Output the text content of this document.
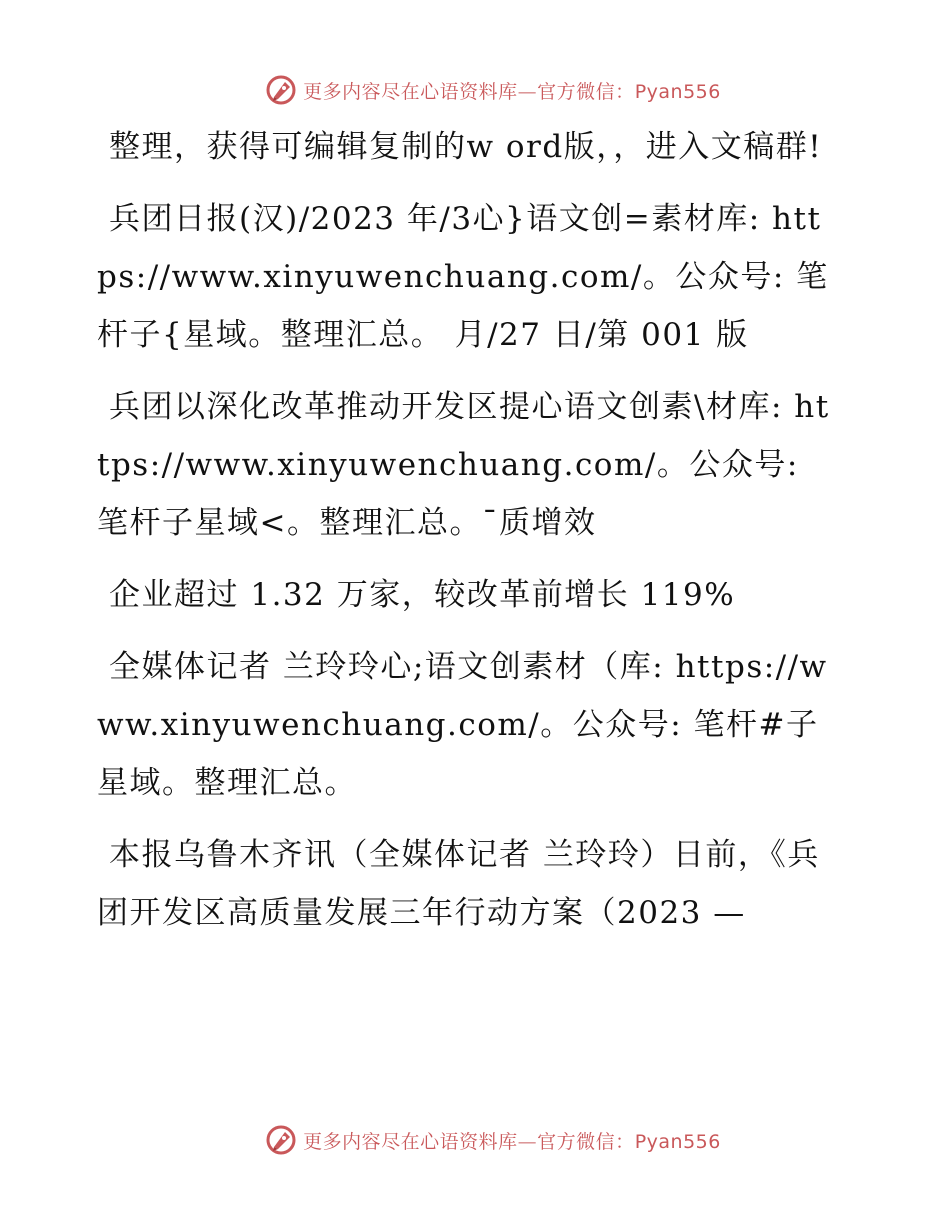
更多内容尽在心语资料库—官方微信：Pyan556

整理，获得可编辑复制的w ord版，，进入文稿群!

兵团日报(汉)/2023 年/3心}语文创=素材库: https://www.xinyuwenchuang.com/。公众号: 笔杆子{星域。整理汇总。 月/27 日/第 001 版

兵团以深化改革推动开发区提心语文创素\材库: https://www.xinyuwenchuang.com/。公众号: 笔杆子星域<。整理汇总。¯质增效

企业超过 1.32 万家，较改革前增长 119%

全媒体记者 兰玲玲心;语文创素材（库: https://www.xinyuwenchuang.com/。公众号: 笔杆#子星域。整理汇总。

本报乌鲁木齐讯（全媒体记者 兰玲玲）日前，《兵团开发区高质量发展三年行动方案（2023 —

更多内容尽在心语资料库—官方微信：Pyan556
